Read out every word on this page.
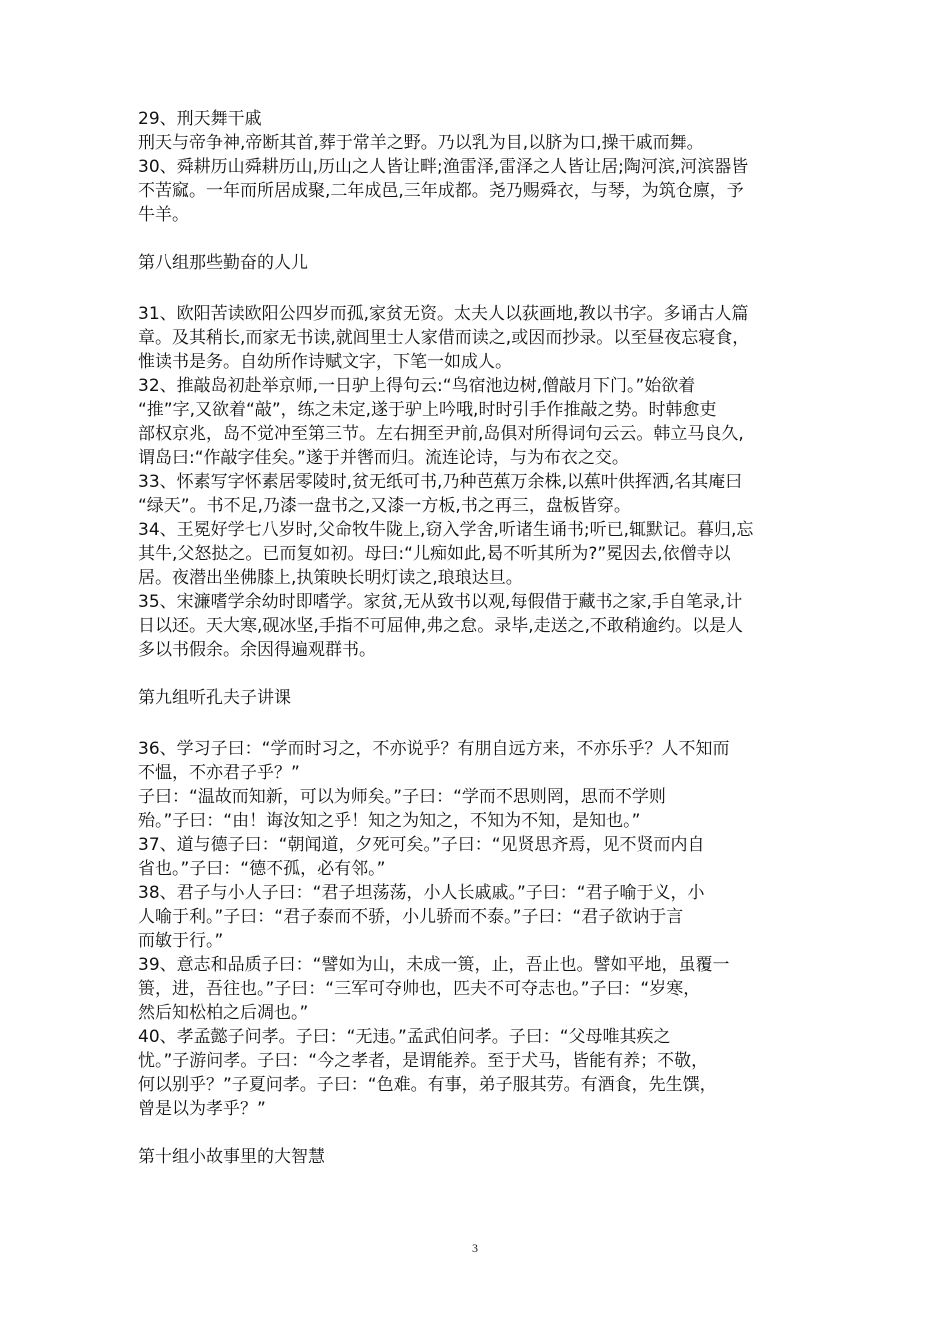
29、刑天舞干戚
刑天与帝争神,帝断其首,葬于常羊之野。乃以乳为目,以脐为口,操干戚而舞。
30、舜耕历山舜耕历山,历山之人皆让畔;渔雷泽,雷泽之人皆让居;陶河滨,河滨器皆
不苦窳。一年而所居成聚,二年成邑,三年成都。尧乃赐舜衣，与琴，为筑仓廪，予
牛羊。
第八组那些勤奋的人儿
31、欧阳苦读欧阳公四岁而孤,家贫无资。太夫人以荻画地,教以书字。多诵古人篇
章。及其稍长,而家无书读,就闾里士人家借而读之,或因而抄录。以至昼夜忘寝食，
惟读书是务。自幼所作诗赋文字，下笔一如成人。
32、推敲岛初赴举京师,一日驴上得句云:“鸟宿池边树,僧敲月下门。”始欲着
“推”字,又欲着“敲”，练之未定,遂于驴上吟哦,时时引手作推敲之势。时韩愈吏
部权京兆，岛不觉冲至第三节。左右拥至尹前,岛俱对所得词句云云。韩立马良久,
谓岛曰:“作敲字佳矣。”遂于并辔而归。流连论诗，与为布衣之交。
33、怀素写字怀素居零陵时,贫无纸可书,乃种芭蕉万余株,以蕉叶供挥洒,名其庵曰
“绿天”。书不足,乃漆一盘书之,又漆一方板,书之再三，盘板皆穿。
34、王冕好学七八岁时,父命牧牛陇上,窃入学舍,听诸生诵书;听已,辄默记。暮归,忘
其牛,父怒挞之。已而复如初。母曰:“儿痴如此,曷不听其所为?”冕因去,依僧寺以
居。夜潜出坐佛膝上,执策映长明灯读之,琅琅达旦。
35、宋濂嗜学余幼时即嗜学。家贫,无从致书以观,每假借于藏书之家,手自笔录,计
日以还。天大寒,砚冰坚,手指不可屈伸,弗之怠。录毕,走送之,不敢稍逾约。以是人
多以书假余。余因得遍观群书。
第九组听孔夫子讲课
36、学习子曰：“学而时习之，不亦说乎？有朋自远方来，不亦乐乎？人不知而
不愠，不亦君子乎？”
子曰：“温故而知新，可以为师矣。”子曰：“学而不思则罔，思而不学则
殆。”子曰：“由！诲汝知之乎！知之为知之，不知为不知，是知也。”
37、道与德子曰：“朝闻道，夕死可矣。”子曰：“见贤思齐焉，见不贤而内自
省也。”子曰：“德不孤，必有邻。”
38、君子与小人子曰：“君子坦荡荡，小人长戚戚。”子曰：“君子喻于义，小
人喻于利。”子曰：“君子泰而不骄，小儿骄而不泰。”子曰：“君子欲讷于言
而敏于行。”
39、意志和品质子曰：“譬如为山，未成一篑，止，吾止也。譬如平地，虽覆一
篑，进，吾往也。”子曰：“三军可夺帅也，匹夫不可夺志也。”子曰：“岁寒，
然后知松柏之后凋也。”
40、孝孟懿子问孝。子曰：“无违。”孟武伯问孝。子曰：“父母唯其疾之
忧。”子游问孝。子曰：“今之孝者，是谓能养。至于犬马，皆能有养；不敬，
何以别乎？”子夏问孝。子曰：“色难。有事，弟子服其劳。有酒食，先生馔，
曾是以为孝乎？”
第十组小故事里的大智慧
3
